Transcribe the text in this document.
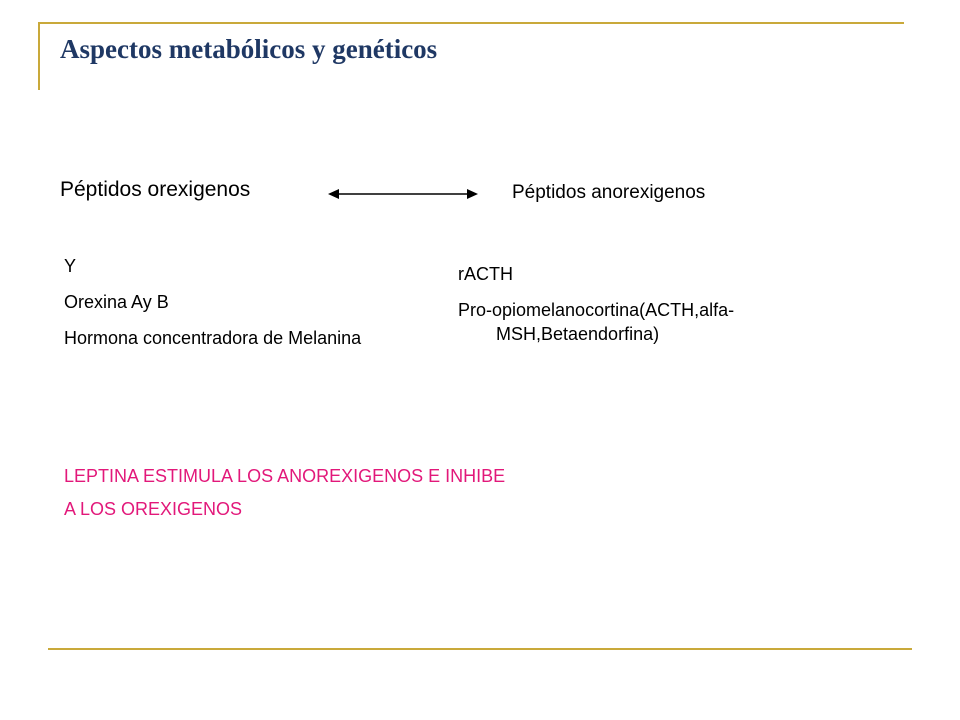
Aspectos metabólicos y genéticos
Péptidos orexigenos	Péptidos anorexigenos
Y
Orexina Ay B
Hormona concentradora de Melanina
rACTH
Pro-opiomelanocortina(ACTH,alfa-MSH,Betaendorfina)
LEPTINA ESTIMULA LOS ANOREXIGENOS E INHIBE
A LOS OREXIGENOS
